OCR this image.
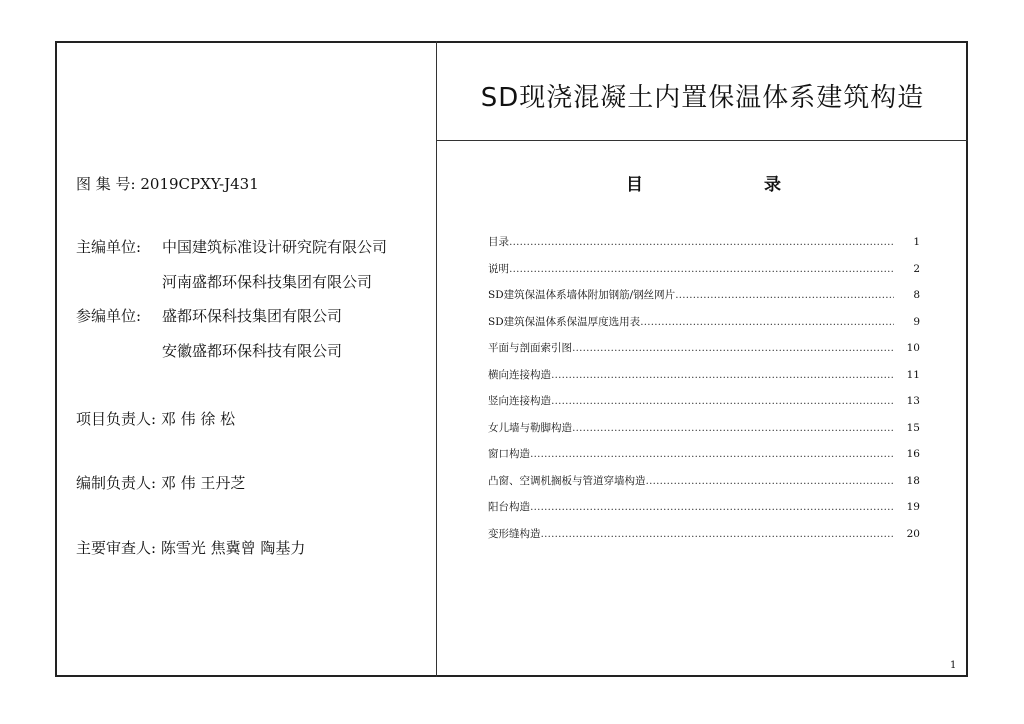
SD现浇混凝土内置保温体系建筑构造
图 集 号: 2019CPXY-J431
主编单位: 中国建筑标准设计研究院有限公司
河南盛都环保科技集团有限公司
参编单位: 盛都环保科技集团有限公司
安徽盛都环保科技有限公司
项目负责人: 邓 伟 徐 松
编制负责人: 邓 伟 王丹芝
主要审查人: 陈雪光 焦冀曾 陶基力
目	录
目录 …………………………………………………………………………………………………………………………………………………………………………………………………	1
说明 …………………………………………………………………………………………………………………………………………………………………………………………………	2
SD建筑保温体系墙体附加钢筋/钢丝网片 …………………………………………………………………………………………………………………………………………………………………………………………………	8
SD建筑保温体系保温厚度选用表 …………………………………………………………………………………………………………………………………………………………………………………………………	9
平面与剖面索引图 …………………………………………………………………………………………………………………………………………………………………………………………………	10
横向连接构造 …………………………………………………………………………………………………………………………………………………………………………………………………	11
竖向连接构造 …………………………………………………………………………………………………………………………………………………………………………………………………	13
女儿墙与勒脚构造 …………………………………………………………………………………………………………………………………………………………………………………………………	15
窗口构造 …………………………………………………………………………………………………………………………………………………………………………………………………	16
凸窗、空调机搁板与管道穿墙构造 …………………………………………………………………………………………………………………………………………………………………………………………………	18
阳台构造 …………………………………………………………………………………………………………………………………………………………………………………………………	19
变形缝构造 …………………………………………………………………………………………………………………………………………………………………………………………………	20
1
